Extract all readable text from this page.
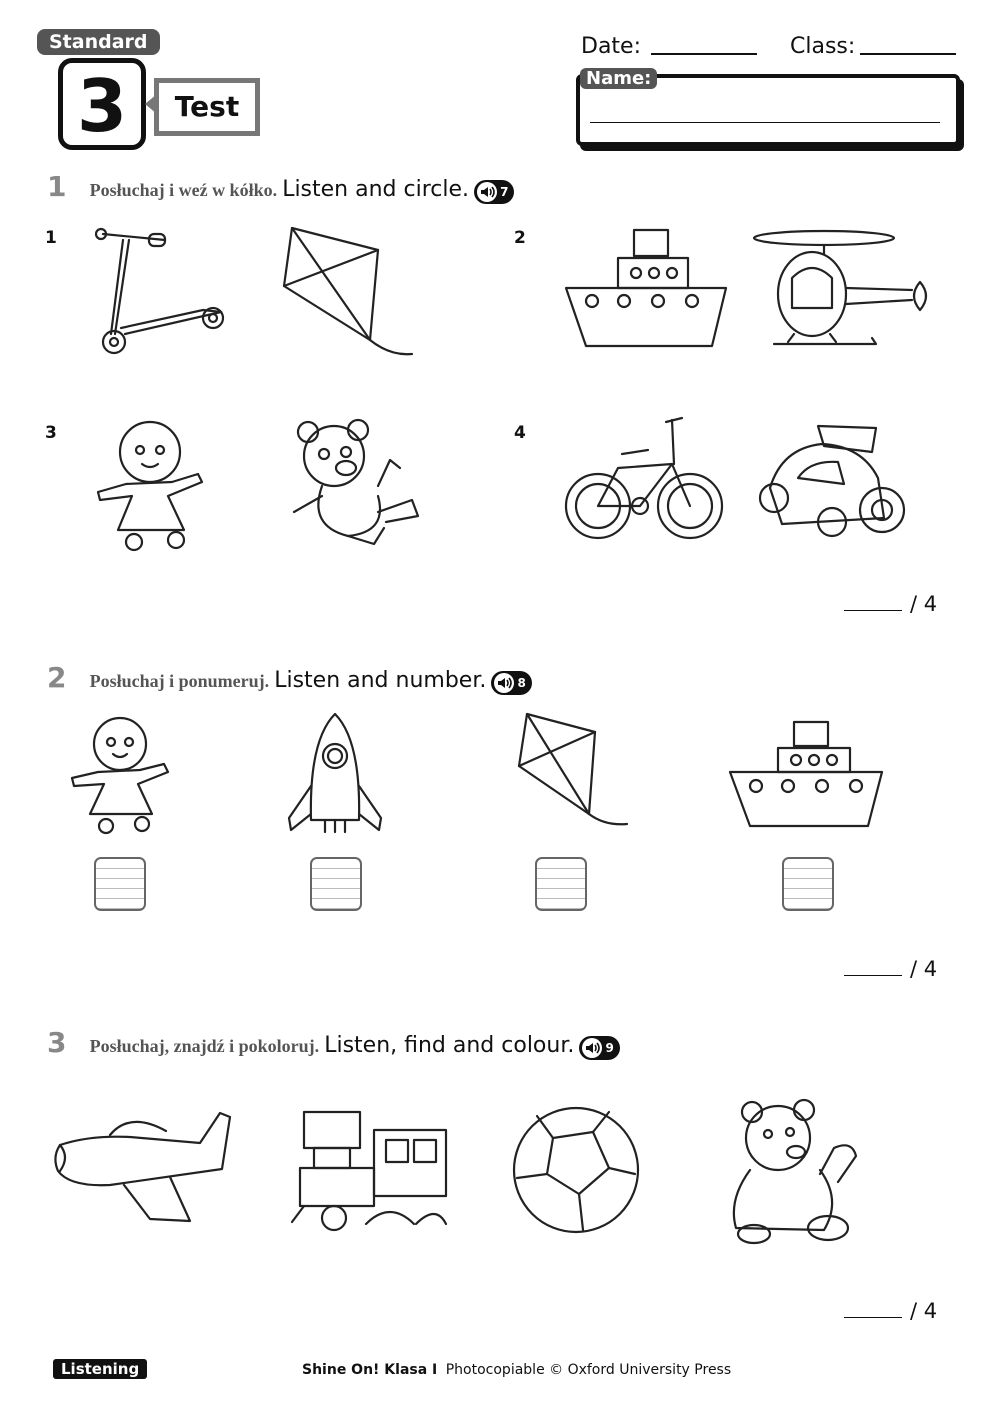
Standard
3	Test
Date:	Class:
Name:
1 Posłuchaj i weź w kółko. Listen and circle.	7
1	2
3	4
/ 4
2 Posłuchaj i ponumeruj. Listen and number.	8
/ 4
3 Posłuchaj, znajdź i pokoloruj. Listen, find and colour.	9
/ 4
Listening	Shine On! Klasa I Photocopiable © Oxford University Press
